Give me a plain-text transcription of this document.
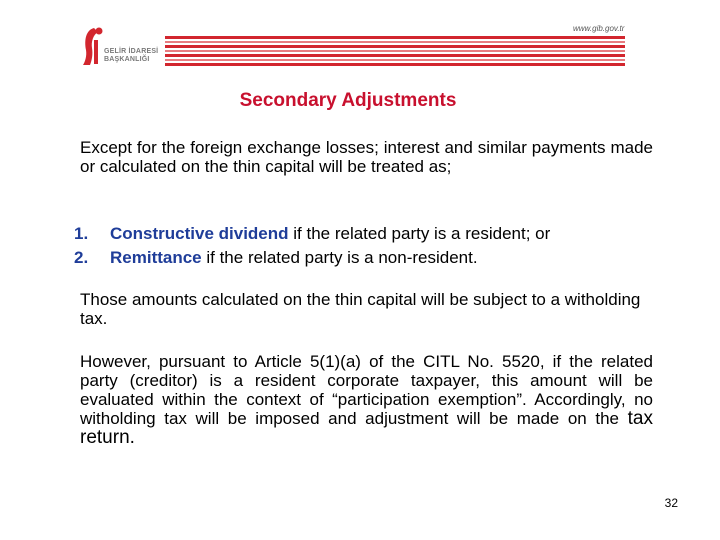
GELİR İDARESİ
BAŞKANLIĞI
www.gib.gov.tr
Secondary Adjustments
Except for the foreign exchange losses; interest and similar payments made or calculated on the thin capital will be treated as;
1.	Constructive dividend if the related party is a resident; or
2.	Remittance if the related party is a non-resident.
Those amounts calculated on the thin capital will be subject to a witholding tax.
However, pursuant to Article 5(1)(a) of the CITL No. 5520, if the related party (creditor) is a resident corporate taxpayer, this amount will be evaluated within the context of “participation exemption”. Accordingly, no witholding tax will be imposed and adjustment will be made on the tax return.
32
